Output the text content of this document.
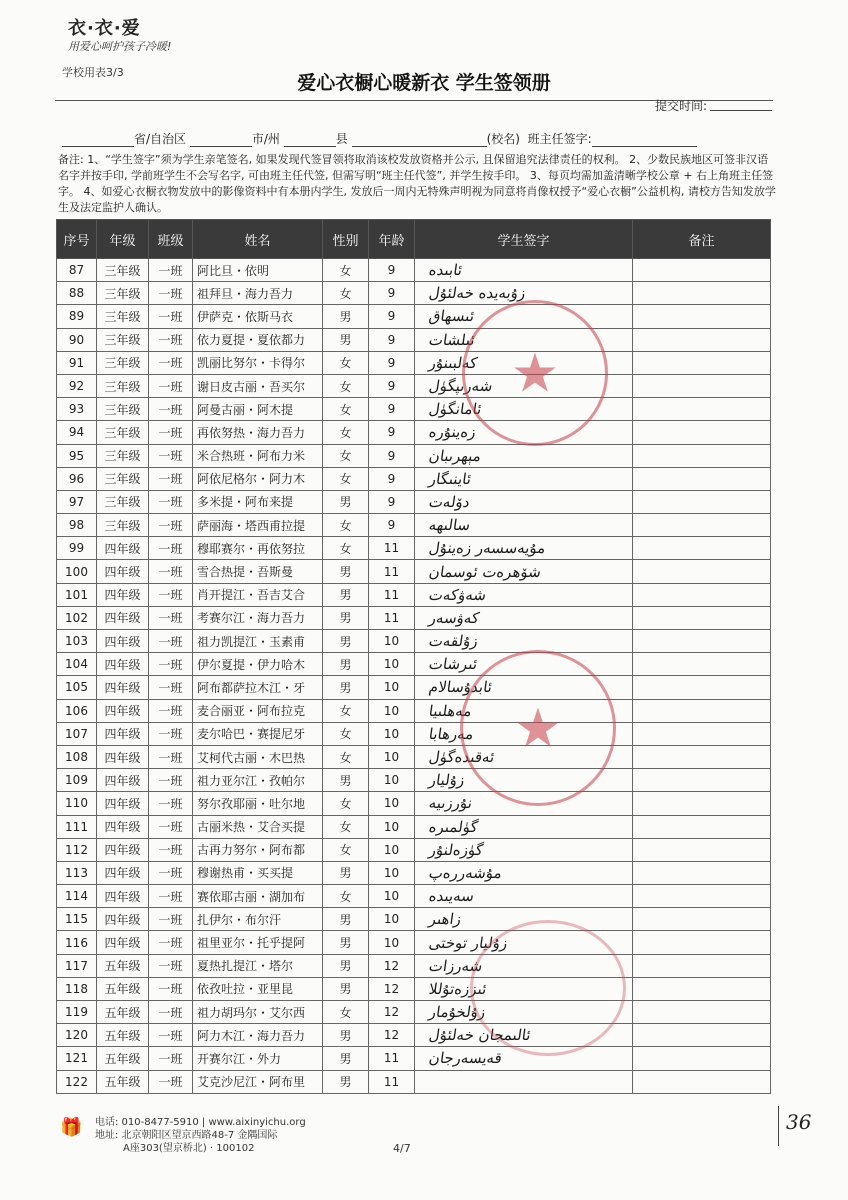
衣·衣·爱
用爱心呵护孩子冷暖!
学校用表3/3	爱心衣橱心暖新衣 学生签领册
提交时间:
省/自治区	市/州	县	(校名) 班主任签字:
备注: 1、“学生签字”须为学生亲笔签名, 如果发现代签冒领将取消该校发放资格并公示, 且保留追究法律责任的权利。 2、少数民族地区可签非汉语名字并按手印, 学前班学生不会写名字, 可由班主任代签, 但需写明“班主任代签”, 并学生按手印。 3、每页均需加盖清晰学校公章 + 右上角班主任签字。 4、如爱心衣橱衣物发放中的影像资料中有本册内学生, 发放后一周内无特殊声明视为同意将肖像权授予“爱心衣橱”公益机构, 请校方告知发放学生及法定监护人确认。
序号	年级	班级	姓名	性别	年龄	学生签字	备注
87	三年级	一班	阿比旦・依明	女	9	ئابىدە	

88	三年级	一班	祖拜旦・海力吾力	女	9	زۇبەيدە خەلئۇل	

89	三年级	一班	伊萨克・依斯马衣	男	9	ئىسھاق	

90	三年级	一班	依力夏提・夏依都力	男	9	ئىلشات	

91	三年级	一班	凯丽比努尔・卡得尔	女	9	كەلبىنۇر	

92	三年级	一班	谢日皮古丽・吾买尔	女	9	شەرىپگۈل	

93	三年级	一班	阿曼古丽・阿木提	女	9	ئامانگۈل	

94	三年级	一班	再依努热・海力吾力	女	9	زەينۇرە	

95	三年级	一班	米合热班・阿布力米	女	9	مېھرىبان	

96	三年级	一班	阿依尼格尔・阿力木	女	9	ئاينىگار	

97	三年级	一班	多米提・阿布来提	男	9	دۆلەت	

98	三年级	一班	萨丽海・塔西甫拉提	女	9	سالىھە	

99	四年级	一班	穆耶赛尔・再依努拉	女	11	مۇيەسسەر زەينۇل	

100	四年级	一班	雪合热提・吾斯曼	男	11	شۆھرەت ئوسمان	

101	四年级	一班	肖开提江・吾吉艾合	男	11	شەۋكەت	

102	四年级	一班	考赛尔江・海力吾力	男	11	كەۋسەر	

103	四年级	一班	祖力凯提江・玉素甫	男	10	زۇلقەت	

104	四年级	一班	伊尔夏提・伊力哈木	男	10	ئىرشات	

105	四年级	一班	阿布都萨拉木江・牙	男	10	ئابدۇسالام	

106	四年级	一班	麦合丽亚・阿布拉克	女	10	مەھلىيا	

107	四年级	一班	麦尔哈巴・赛提尼牙	女	10	مەرھابا	

108	四年级	一班	艾柯代古丽・木巴热	女	10	ئەقىدەگۈل	

109	四年级	一班	祖力亚尔江・孜帕尔	男	10	زۇليار	

110	四年级	一班	努尔孜耶丽・吐尔地	女	10	نۇرزىيە	

111	四年级	一班	古丽米热・艾合买提	女	10	گۈلمىرە	

112	四年级	一班	古再力努尔・阿布都	女	10	گۈزەلنۇر	

113	四年级	一班	穆谢热甫・买买提	男	10	مۇشەررەپ	

114	四年级	一班	赛依耶古丽・湖加布	女	10	سەيىدە	

115	四年级	一班	扎伊尔・布尔汗	男	10	زاھىر	

116	四年级	一班	祖里亚尔・托乎提阿	男	10	زۇليار توختى	

117	五年级	一班	夏热扎提江・塔尔	男	12	شەرزات	

118	五年级	一班	依孜吐拉・亚里昆	男	12	ئىززەتۇللا	

119	五年级	一班	祖力胡玛尔・艾尔西	女	12	زۇلخۇمار	

120	五年级	一班	阿力木江・海力吾力	男	12	ئالىمجان خەلئۇل	

121	五年级	一班	开赛尔江・外力	男	11	قەيسەرجان	

122	五年级	一班	艾克沙尼江・阿布里	男	11	

★
★
🎁 电话: 010-8477-5910 | www.aixinyichu.org
地址: 北京朝阳区望京西路48-7 金隅国际
A座303(望京桥北) · 100102	4/7
36
